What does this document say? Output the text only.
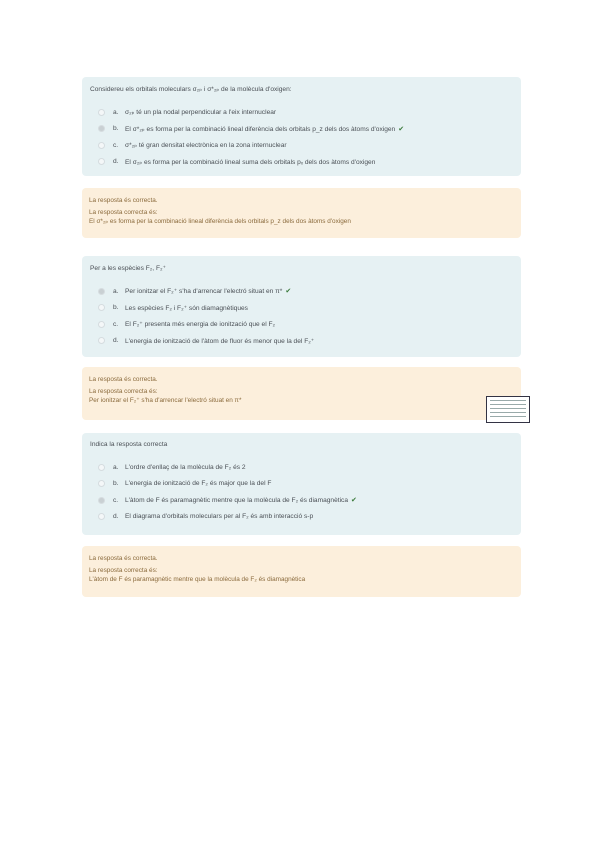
Considereu els orbitals moleculars σ₂ₚ i σ*₂ₚ de la molècula d'oxigen:
a. σ₂ₚ té un pla nodal perpendicular a l'eix internuclear
b. El σ*₂ₚ es forma per la combinació lineal diferència dels orbitals p_z dels dos àtoms d'oxigen ✔
c.	σ*₂ₚ té gran densitat electrònica en la zona internuclear
d. El σ₂ₚ es forma per la combinació lineal suma dels orbitals pₓ dels dos àtoms d'oxigen
La resposta és correcta.
La resposta correcta és:
El σ*₂ₚ es forma per la combinació lineal diferència dels orbitals p_z dels dos àtoms d'oxigen
Per a les espècies F₂, F₂⁺
a. Per ionitzar el F₂⁺ s'ha d'arrencar l'electró situat en π* ✔
b. Les espècies F₂ i F₂⁺ són diamagnètiques
c.	El F₂⁺ presenta més energia de ionització que el F₂
d. L'energia de ionització de l'àtom de fluor és menor que la del F₂⁺
La resposta és correcta.
La resposta correcta és:
Per ionitzar el F₂⁺ s'ha d'arrencar l'electró situat en π*
Indica la resposta correcta
a. L'ordre d'enllaç de la molècula de F₂ és 2
b. L'energia de ionització de F₂ és major que la del F
c.	L'àtom de F és paramagnètic mentre que la molècula de F₂ és diamagnètica ✔
d. El diagrama d'orbitals moleculars per al F₂ és amb interacció s-p
La resposta és correcta.
La resposta correcta és:
L'àtom de F és paramagnètic mentre que la molècula de F₂ és diamagnètica
